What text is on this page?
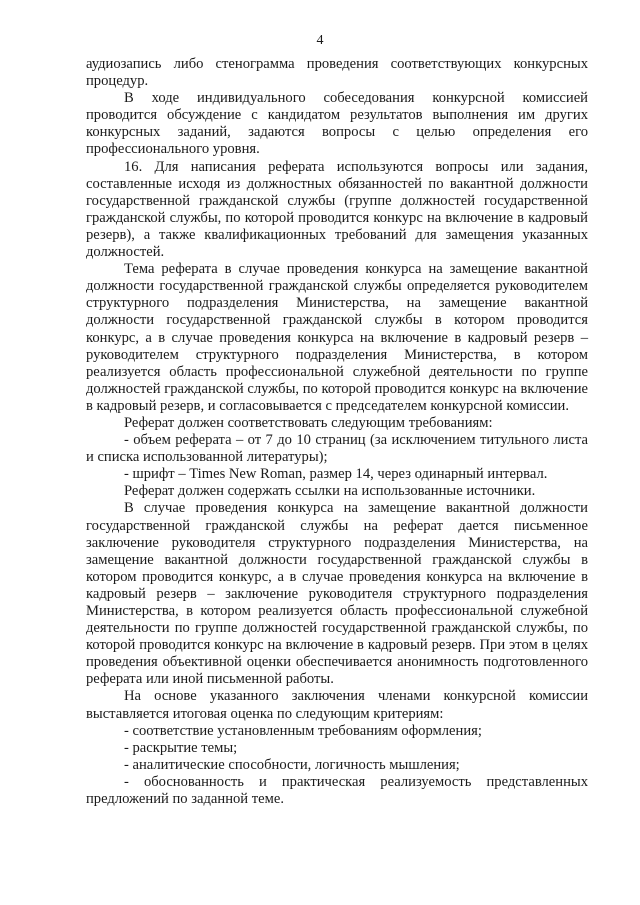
4

аудиозапись либо стенограмма проведения соответствующих конкурсных процедур.

В ходе индивидуального собеседования конкурсной комиссией проводится обсуждение с кандидатом результатов выполнения им других конкурсных заданий, задаются вопросы с целью определения его профессионального уровня.

16. Для написания реферата используются вопросы или задания, составленные исходя из должностных обязанностей по вакантной должности государственной гражданской службы (группе должностей государственной гражданской службы, по которой проводится конкурс на включение в кадровый резерв), а также квалификационных требований для замещения указанных должностей.

Тема реферата в случае проведения конкурса на замещение вакантной должности государственной гражданской службы определяется руководителем структурного подразделения Министерства, на замещение вакантной должности государственной гражданской службы в котором проводится конкурс, а в случае проведения конкурса на включение в кадровый резерв – руководителем структурного подразделения Министерства, в котором реализуется область профессиональной служебной деятельности по группе должностей гражданской службы, по которой проводится конкурс на включение в кадровый резерв, и согласовывается с председателем конкурсной комиссии.

Реферат должен соответствовать следующим требованиям:

- объем реферата – от 7 до 10 страниц (за исключением титульного листа и списка использованной литературы);

- шрифт – Times New Roman, размер 14, через одинарный интервал.

Реферат должен содержать ссылки на использованные источники.

В случае проведения конкурса на замещение вакантной должности государственной гражданской службы на реферат дается письменное заключение руководителя структурного подразделения Министерства, на замещение вакантной должности государственной гражданской службы в котором проводится конкурс, а в случае проведения конкурса на включение в кадровый резерв – заключение руководителя структурного подразделения Министерства, в котором реализуется область профессиональной служебной деятельности по группе должностей государственной гражданской службы, по которой проводится конкурс на включение в кадровый резерв. При этом в целях проведения объективной оценки обеспечивается анонимность подготовленного реферата или иной письменной работы.

На основе указанного заключения членами конкурсной комиссии выставляется итоговая оценка по следующим критериям:

- соответствие установленным требованиям оформления;

- раскрытие темы;

- аналитические способности, логичность мышления;

- обоснованность и практическая реализуемость представленных предложений по заданной теме.
